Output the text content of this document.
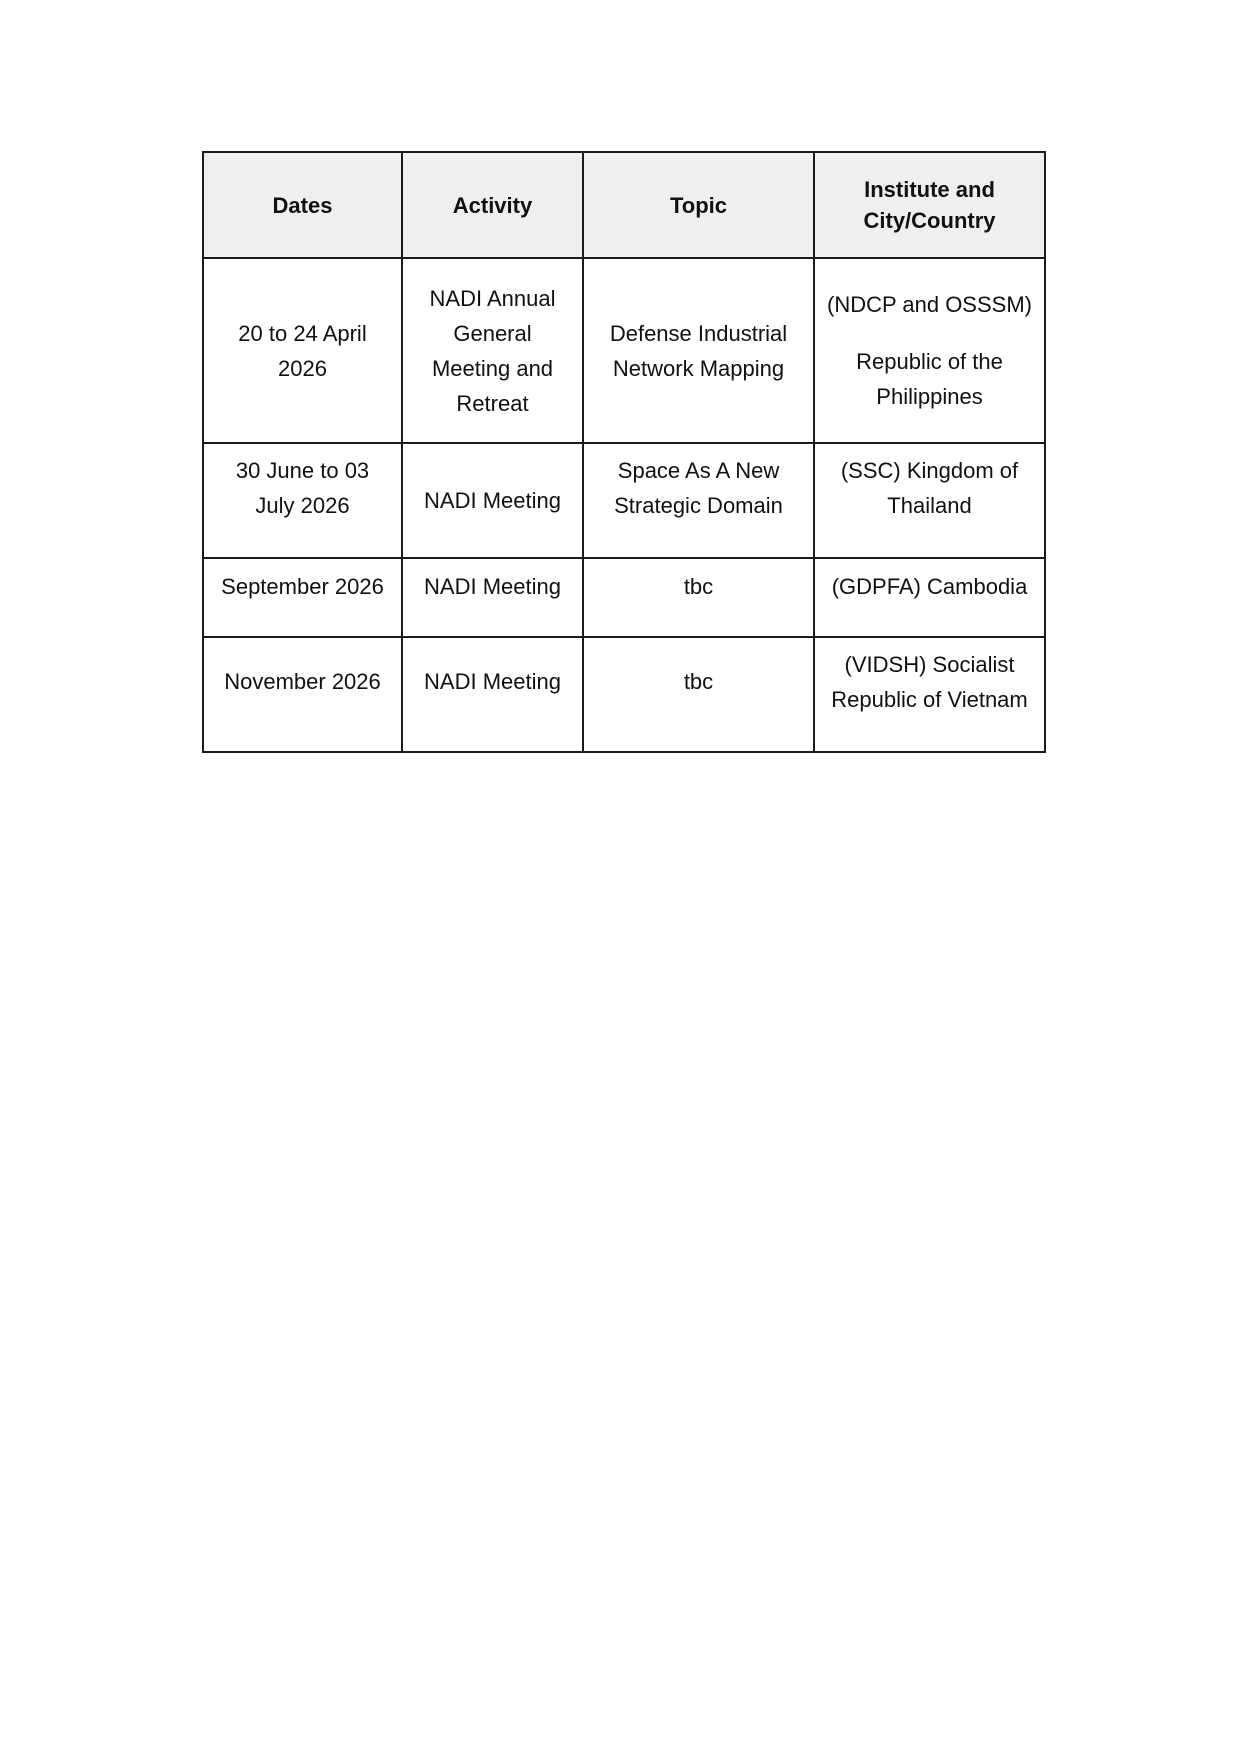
Dates	Activity	Topic	Institute and
City/Country

20 to 24 April
2026	NADI Annual
General
Meeting and
Retreat	Defense Industrial
Network Mapping	(NDCP and OSSSM)
Republic of the
Philippines

30 June to 03
July 2026	NADI Meeting	Space As A New
Strategic Domain	(SSC) Kingdom of
Thailand

September 2026	NADI Meeting	tbc	(GDPFA) Cambodia

November 2026	NADI Meeting	tbc	(VIDSH) Socialist
Republic of Vietnam
